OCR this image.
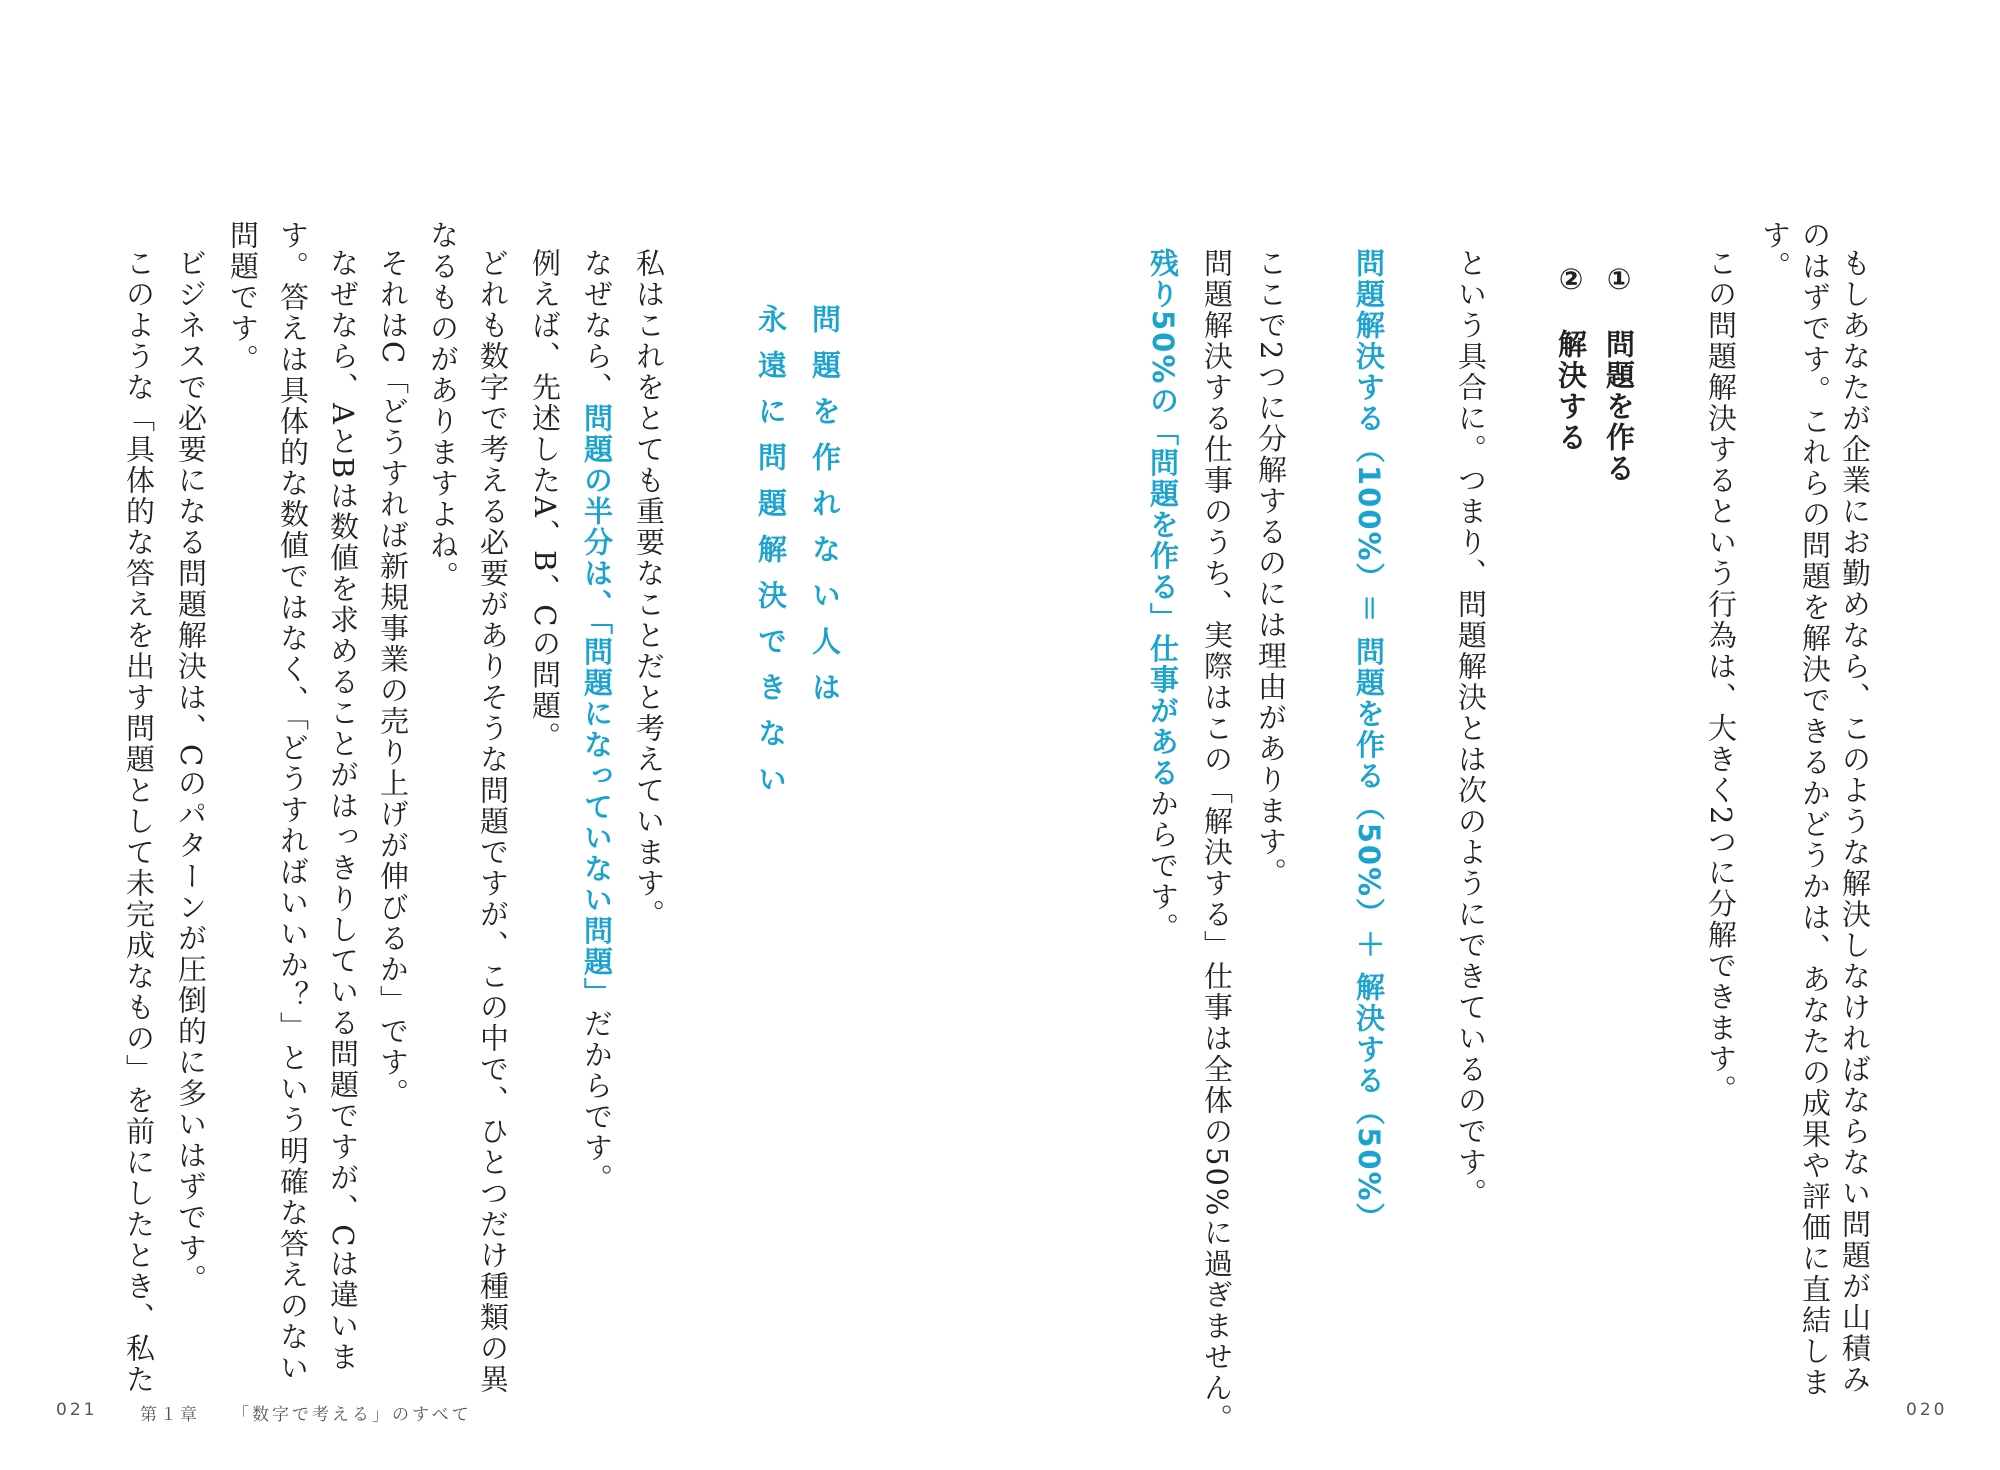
もしあなたが企業にお勤めなら、このような解決しなければならない問題が山積み
のはずです。これらの問題を解決できるかどうかは、あなたの成果や評価に直結しま
す。
この問題解決するという行為は、大きく2つに分解できます。
①　問題を作る
②　解決する
という具合に。つまり、問題解決とは次のようにできているのです。
問題解決する（100%）＝ 問題を作る（50%）＋ 解決する（50%）
ここで2つに分解するのには理由があります。
問題解決する仕事のうち、実際はこの「解決する」仕事は全体の50%に過ぎません。
残り50%の「問題を作る」仕事があるからです。
問題を作れない人は
永遠に問題解決できない
私はこれをとても重要なことだと考えています。
なぜなら、問題の半分は、「問題になっていない問題」だからです。
例えば、先述したA、B、Cの問題。
どれも数字で考える必要がありそうな問題ですが、この中で、ひとつだけ種類の異
なるものがありますよね。
それはC「どうすれば新規事業の売り上げが伸びるか」です。
なぜなら、AとBは数値を求めることがはっきりしている問題ですが、Cは違いま
す。答えは具体的な数値ではなく、「どうすればいいか？」という明確な答えのない
問題です。
ビジネスで必要になる問題解決は、Cのパターンが圧倒的に多いはずです。
このような「具体的な答えを出す問題として未完成なもの」を前にしたとき、私た
021	第１章 「数字で考える」のすべて	020
